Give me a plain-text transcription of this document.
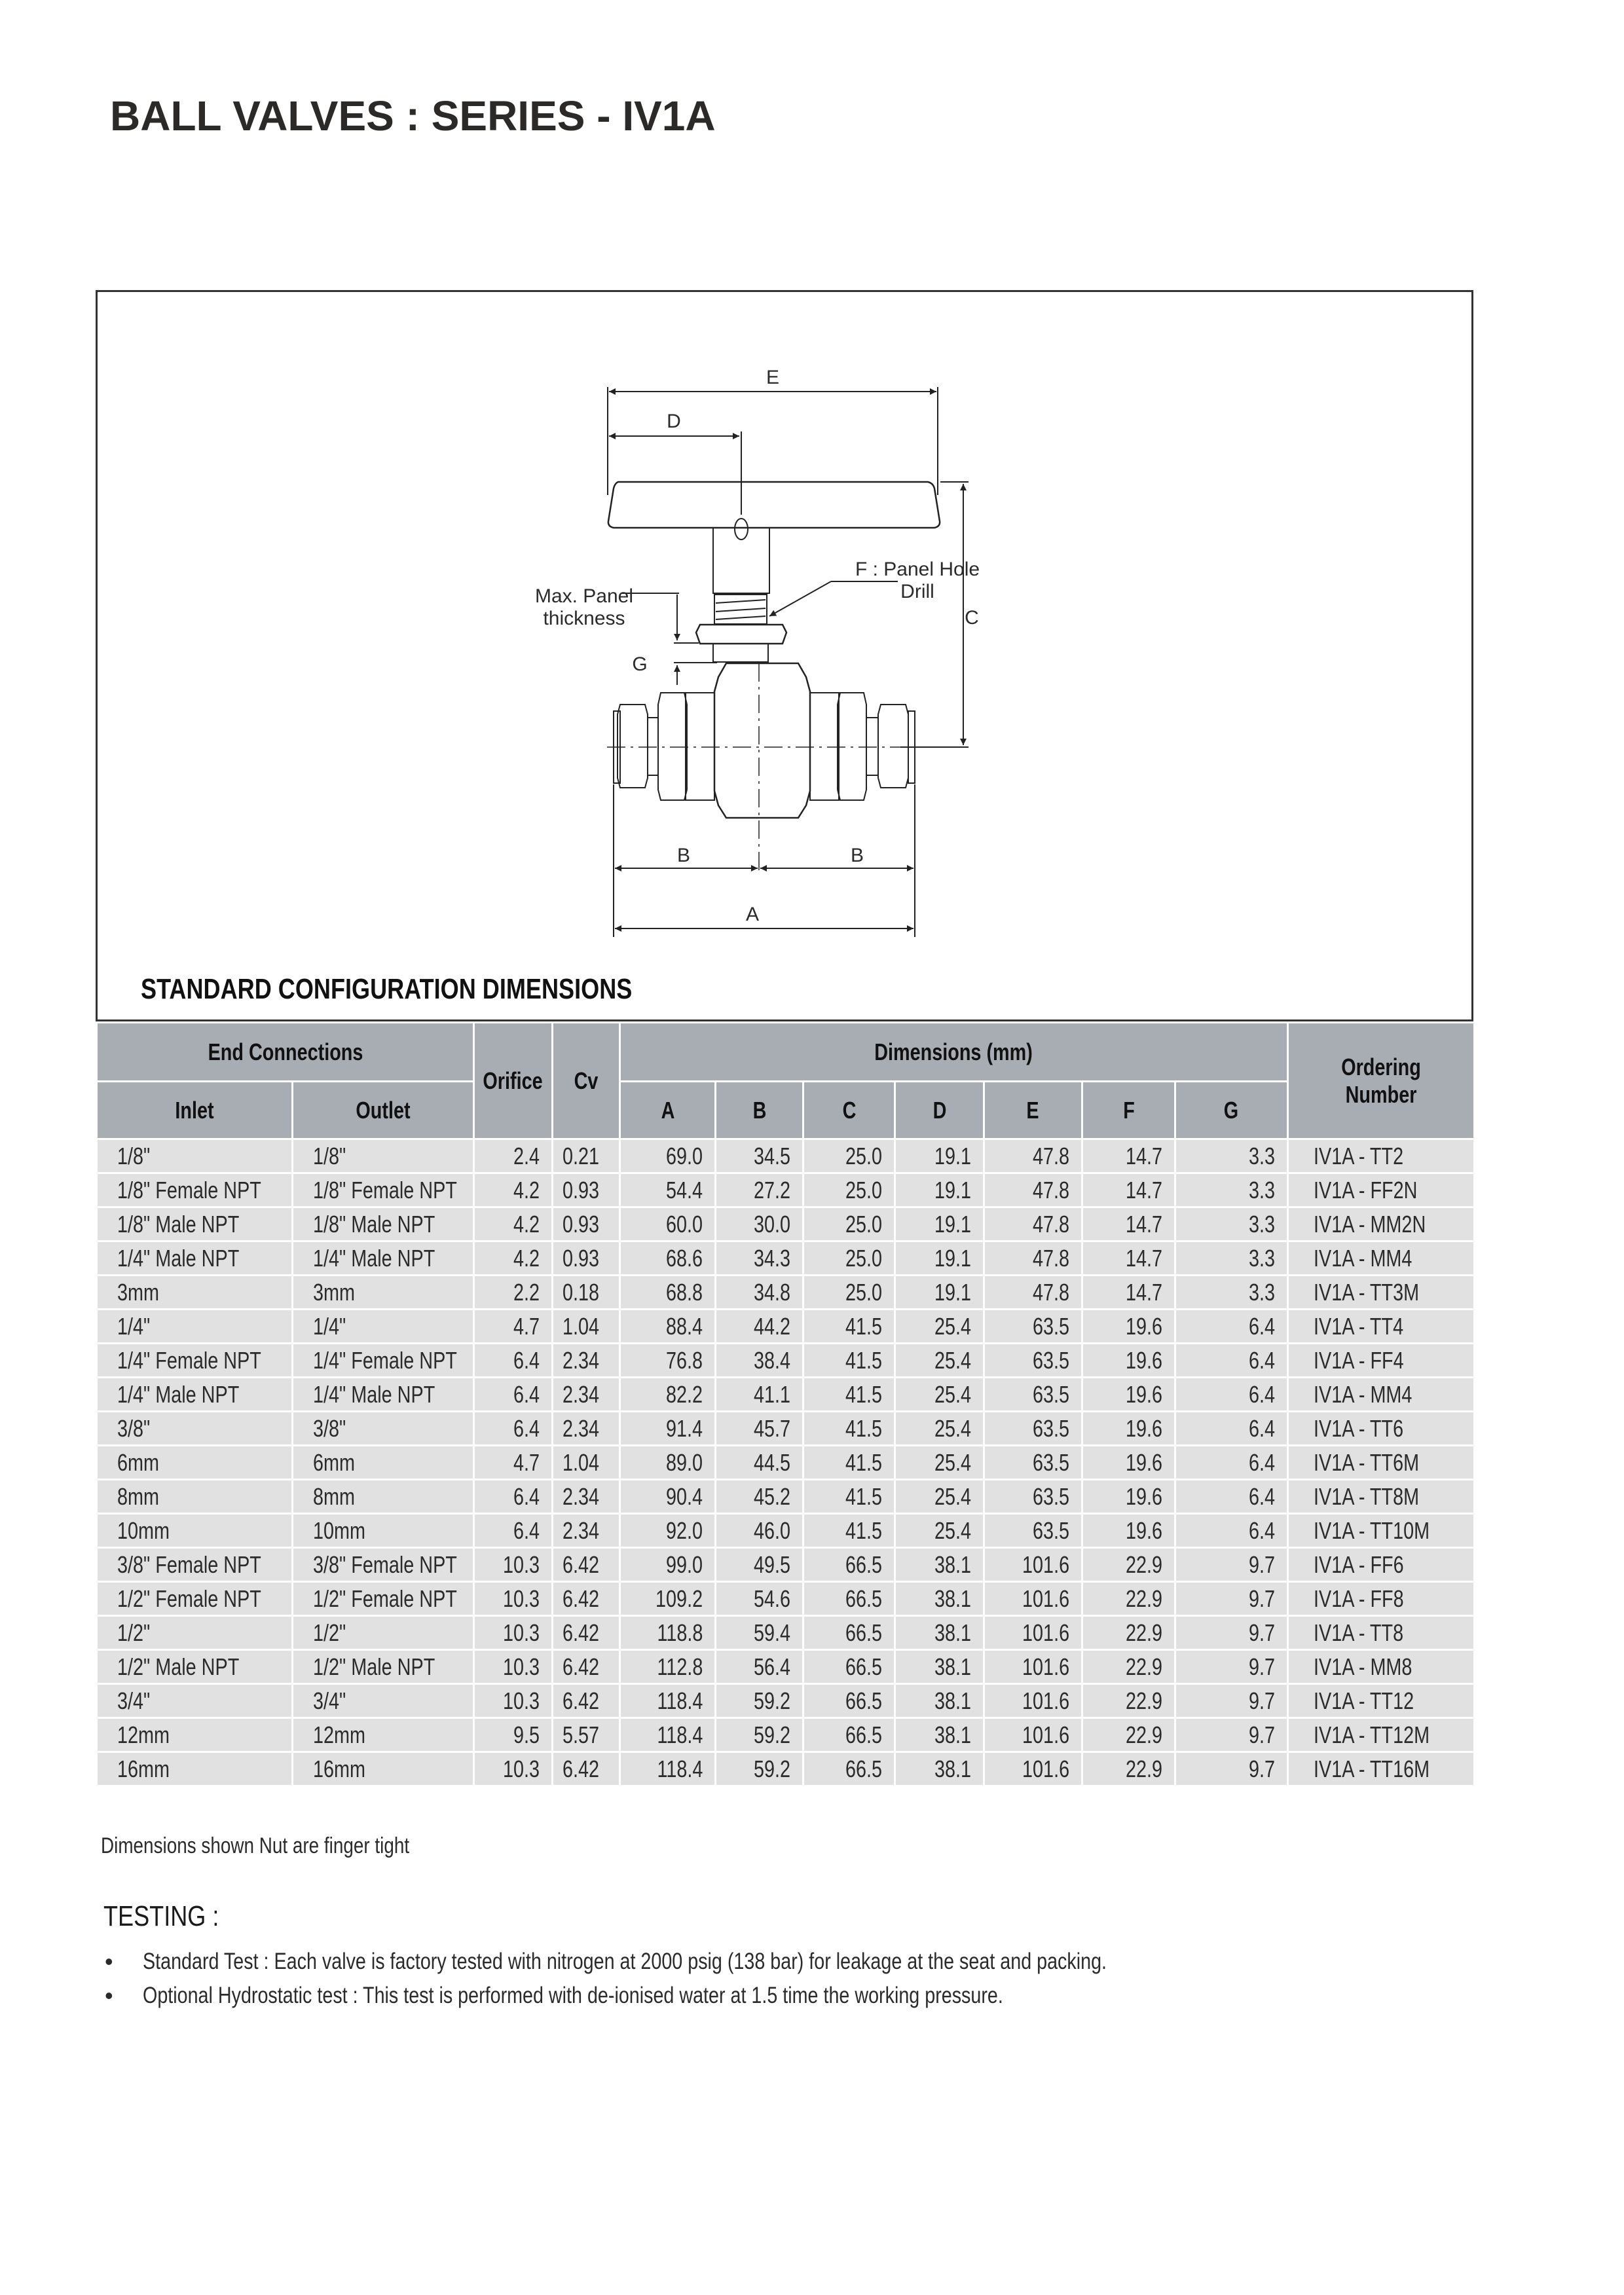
BALL VALVES : SERIES - IV1A
E
D
C
B	B
A
G
F : Panel Hole
Drill
Max. Panel
thickness
STANDARD CONFIGURATION DIMENSIONS
End Connections		Orifice	Cv	Dimensions (mm)							Ordering
Number
Inlet	Outlet			A	B	C	D	E	F	G	
1/8"	1/8"	2.4	0.21	69.0	34.5	25.0	19.1	47.8	14.7	3.3	IV1A - TT2
1/8" Female NPT	1/8" Female NPT	4.2	0.93	54.4	27.2	25.0	19.1	47.8	14.7	3.3	IV1A - FF2N
1/8" Male NPT	1/8" Male NPT	4.2	0.93	60.0	30.0	25.0	19.1	47.8	14.7	3.3	IV1A - MM2N
1/4" Male NPT	1/4" Male NPT	4.2	0.93	68.6	34.3	25.0	19.1	47.8	14.7	3.3	IV1A - MM4
3mm	3mm	2.2	0.18	68.8	34.8	25.0	19.1	47.8	14.7	3.3	IV1A - TT3M
1/4"	1/4"	4.7	1.04	88.4	44.2	41.5	25.4	63.5	19.6	6.4	IV1A - TT4
1/4" Female NPT	1/4" Female NPT	6.4	2.34	76.8	38.4	41.5	25.4	63.5	19.6	6.4	IV1A - FF4
1/4" Male NPT	1/4" Male NPT	6.4	2.34	82.2	41.1	41.5	25.4	63.5	19.6	6.4	IV1A - MM4
3/8"	3/8"	6.4	2.34	91.4	45.7	41.5	25.4	63.5	19.6	6.4	IV1A - TT6
6mm	6mm	4.7	1.04	89.0	44.5	41.5	25.4	63.5	19.6	6.4	IV1A - TT6M
8mm	8mm	6.4	2.34	90.4	45.2	41.5	25.4	63.5	19.6	6.4	IV1A - TT8M
10mm	10mm	6.4	2.34	92.0	46.0	41.5	25.4	63.5	19.6	6.4	IV1A - TT10M
3/8" Female NPT	3/8" Female NPT	10.3	6.42	99.0	49.5	66.5	38.1	101.6	22.9	9.7	IV1A - FF6
1/2" Female NPT	1/2" Female NPT	10.3	6.42	109.2	54.6	66.5	38.1	101.6	22.9	9.7	IV1A - FF8
1/2"	1/2"	10.3	6.42	118.8	59.4	66.5	38.1	101.6	22.9	9.7	IV1A - TT8
1/2" Male NPT	1/2" Male NPT	10.3	6.42	112.8	56.4	66.5	38.1	101.6	22.9	9.7	IV1A - MM8
3/4"	3/4"	10.3	6.42	118.4	59.2	66.5	38.1	101.6	22.9	9.7	IV1A - TT12
12mm	12mm	9.5	5.57	118.4	59.2	66.5	38.1	101.6	22.9	9.7	IV1A - TT12M
16mm	16mm	10.3	6.42	118.4	59.2	66.5	38.1	101.6	22.9	9.7	IV1A - TT16M
Dimensions shown Nut are finger tight
TESTING :
• Standard Test : Each valve is factory tested with nitrogen at 2000 psig (138 bar) for leakage at the seat and packing.
• Optional Hydrostatic test : This test is performed with de-ionised water at 1.5 time the working pressure.
